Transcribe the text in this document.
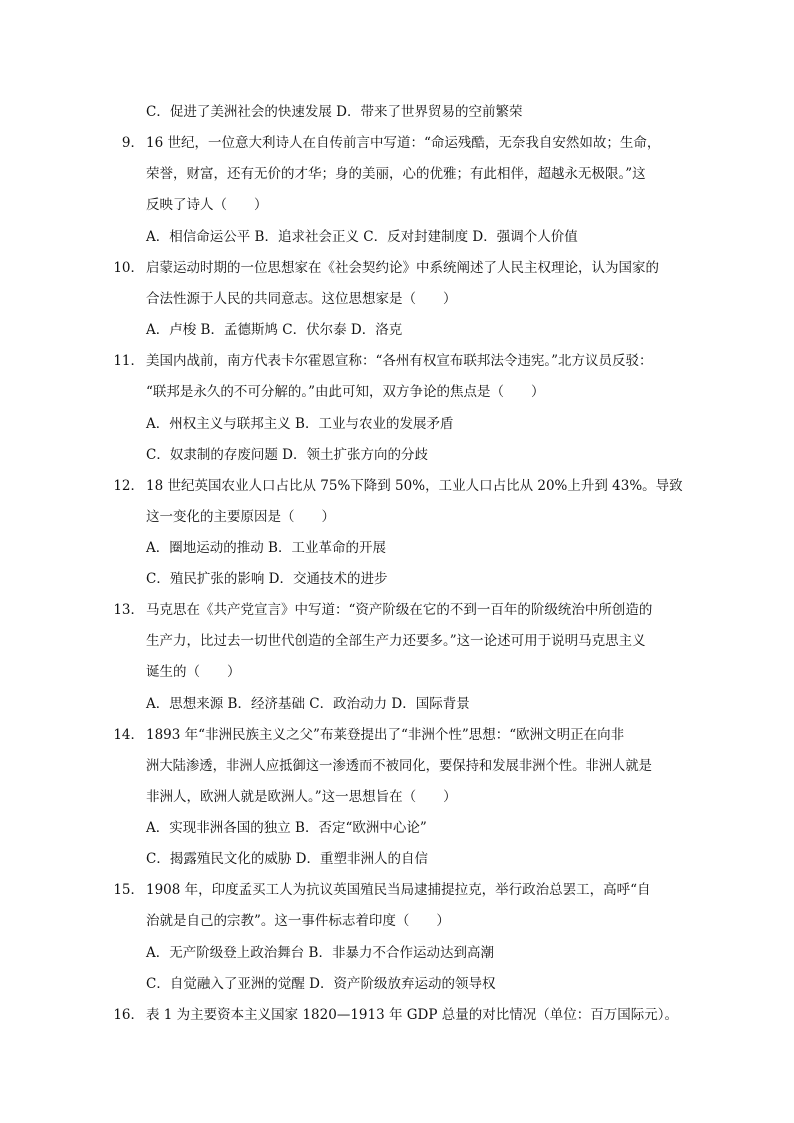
C．促进了美洲社会的快速发展 D．带来了世界贸易的空前繁荣
9． 16 世纪，一位意大利诗人在自传前言中写道：“命运残酷，无奈我自安然如故；生命，
荣誉，财富，还有无价的才华；身的美丽，心的优雅；有此相伴，超越永无极限。”这
反映了诗人（　　）
A．相信命运公平 B．追求社会正义 C．反对封建制度 D．强调个人价值
10． 启蒙运动时期的一位思想家在《社会契约论》中系统阐述了人民主权理论，认为国家的
合法性源于人民的共同意志。这位思想家是（　　）
A．卢梭 B．孟德斯鸠 C．伏尔泰 D．洛克
11． 美国内战前，南方代表卡尔霍恩宣称：“各州有权宣布联邦法令违宪。”北方议员反驳：
“联邦是永久的不可分解的。”由此可知，双方争论的焦点是（　　）
A．州权主义与联邦主义 B．工业与农业的发展矛盾
C．奴隶制的存废问题 D．领土扩张方向的分歧
12． 18 世纪英国农业人口占比从 75%下降到 50%，工业人口占比从 20%上升到 43%。导致
这一变化的主要原因是（　　）
A．圈地运动的推动 B．工业革命的开展
C．殖民扩张的影响 D．交通技术的进步
13． 马克思在《共产党宣言》中写道：“资产阶级在它的不到一百年的阶级统治中所创造的
生产力，比过去一切世代创造的全部生产力还要多。”这一论述可用于说明马克思主义
诞生的（　　）
A．思想来源 B．经济基础 C．政治动力 D．国际背景
14． 1893 年“非洲民族主义之父”布莱登提出了“非洲个性”思想：“欧洲文明正在向非
洲大陆渗透，非洲人应抵御这一渗透而不被同化，要保持和发展非洲个性。非洲人就是
非洲人，欧洲人就是欧洲人。”这一思想旨在（　　）
A．实现非洲各国的独立 B．否定“欧洲中心论”
C．揭露殖民文化的威胁 D．重塑非洲人的自信
15． 1908 年，印度孟买工人为抗议英国殖民当局逮捕提拉克，举行政治总罢工，高呼“自
治就是自己的宗教”。这一事件标志着印度（　　）
A．无产阶级登上政治舞台 B．非暴力不合作运动达到高潮
C．自觉融入了亚洲的觉醒 D．资产阶级放弃运动的领导权
16． 表 1 为主要资本主义国家 1820—1913 年 GDP 总量的对比情况（单位：百万国际元）。
